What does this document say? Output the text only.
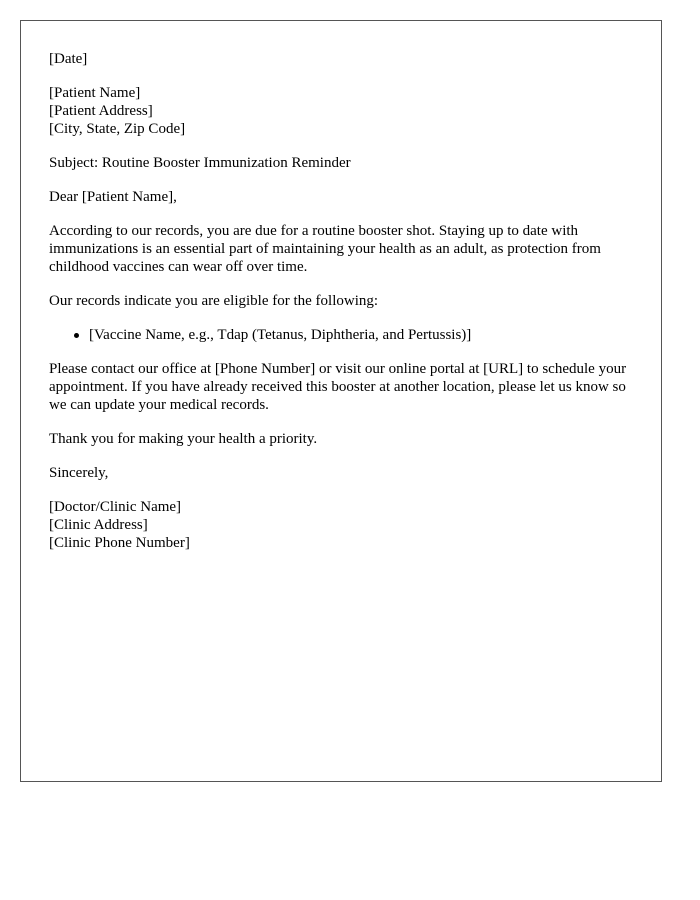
[Date]

[Patient Name]
[Patient Address]
[City, State, Zip Code]

Subject: Routine Booster Immunization Reminder

Dear [Patient Name],

According to our records, you are due for a routine booster shot. Staying up to date with immunizations is an essential part of maintaining your health as an adult, as protection from childhood vaccines can wear off over time.

Our records indicate you are eligible for the following:

[Vaccine Name, e.g., Tdap (Tetanus, Diphtheria, and Pertussis)]

Please contact our office at [Phone Number] or visit our online portal at [URL] to schedule your appointment. If you have already received this booster at another location, please let us know so we can update your medical records.

Thank you for making your health a priority.

Sincerely,

[Doctor/Clinic Name]
[Clinic Address]
[Clinic Phone Number]
